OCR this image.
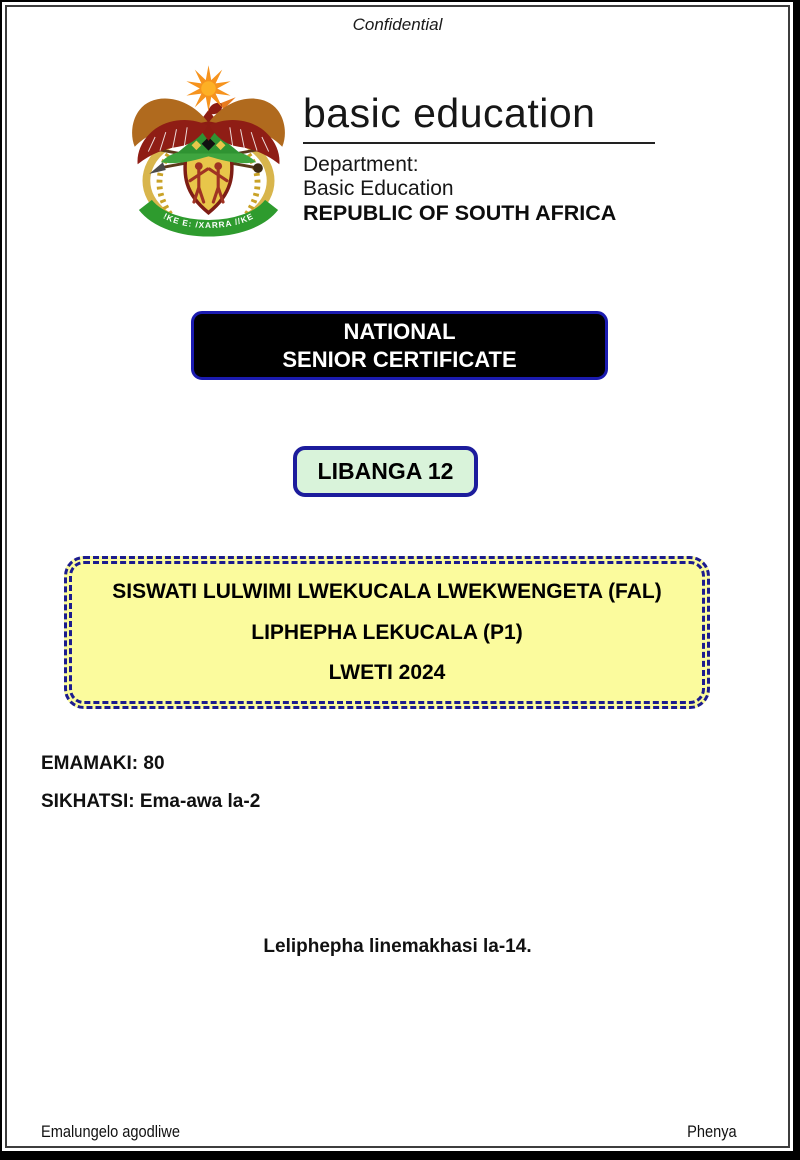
Confidential
!KE E: /XARRA //KE
basic education
Department:
Basic Education
REPUBLIC OF SOUTH AFRICA
NATIONAL
SENIOR CERTIFICATE
LIBANGA 12
SISWATI LULWIMI LWEKUCALA LWEKWENGETA (FAL)
LIPHEPHA LEKUCALA (P1)
LWETI 2024
EMAMAKI: 80
SIKHATSI: Ema-awa la-2
Leliphepha linemakhasi la-14.
Emalungelo agodliwe	Phenya
